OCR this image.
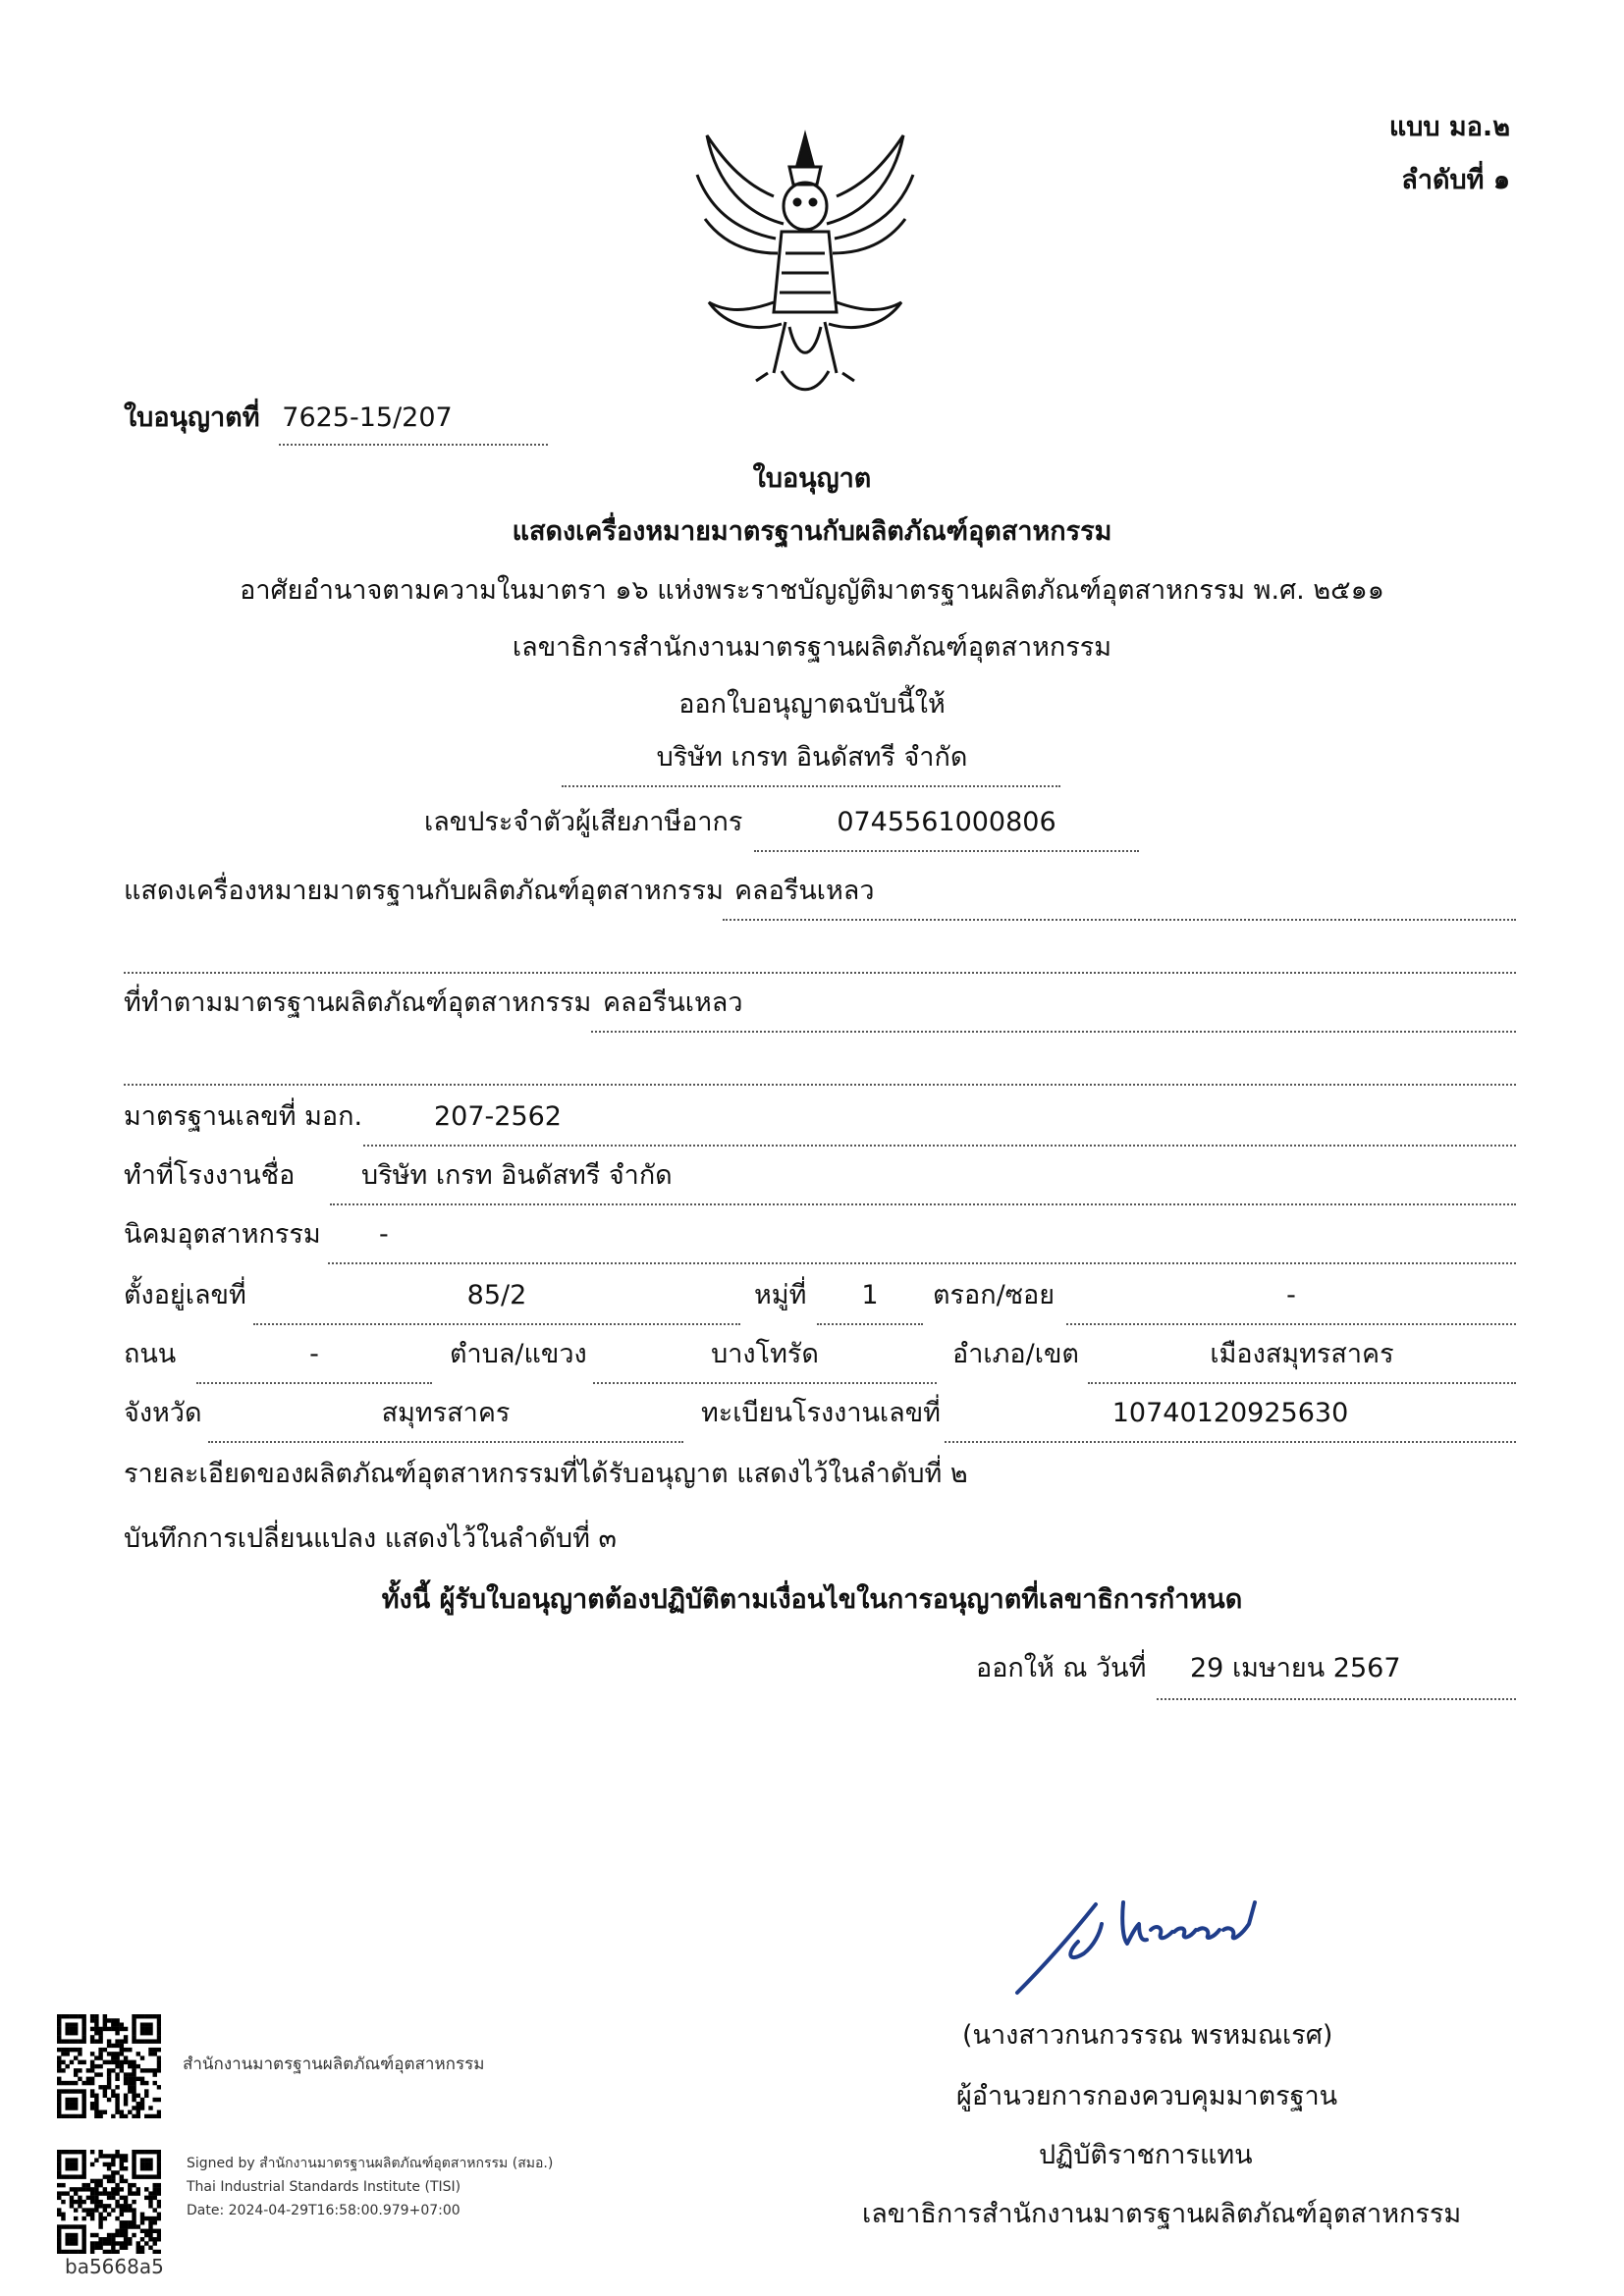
แบบ มอ.๒
ลำดับที่ ๑
ใบอนุญาตที่ 7625-15/207
ใบอนุญาต
แสดงเครื่องหมายมาตรฐานกับผลิตภัณฑ์อุตสาหกรรม
อาศัยอำนาจตามความในมาตรา ๑๖ แห่งพระราชบัญญัติมาตรฐานผลิตภัณฑ์อุตสาหกรรม พ.ศ. ๒๕๑๑
เลขาธิการสำนักงานมาตรฐานผลิตภัณฑ์อุตสาหกรรม
ออกใบอนุญาตฉบับนี้ให้
บริษัท เกรท อินดัสทรี จำกัด
เลขประจำตัวผู้เสียภาษีอากร	0745561000806
แสดงเครื่องหมายมาตรฐานกับผลิตภัณฑ์อุตสาหกรรม คลอรีนเหลว
ที่ทำตามมาตรฐานผลิตภัณฑ์อุตสาหกรรม คลอรีนเหลว
มาตรฐานเลขที่ มอก.	207-2562
ทำที่โรงงานชื่อ	บริษัท เกรท อินดัสทรี จำกัด
นิคมอุตสาหกรรม -
ตั้งอยู่เลขที่	85/2	หมู่ที่	1	ตรอก/ซอย	-
ถนน	-	ตำบล/แขวง	บางโทรัด	อำเภอ/เขต	เมืองสมุทรสาคร
จังหวัด	สมุทรสาคร	ทะเบียนโรงงานเลขที่	10740120925630
รายละเอียดของผลิตภัณฑ์อุตสาหกรรมที่ได้รับอนุญาต แสดงไว้ในลำดับที่ ๒
บันทึกการเปลี่ยนแปลง แสดงไว้ในลำดับที่ ๓
ทั้งนี้ ผู้รับใบอนุญาตต้องปฏิบัติตามเงื่อนไขในการอนุญาตที่เลขาธิการกำหนด
ออกให้ ณ วันที่ 29 เมษายน 2567
(นางสาวกนกวรรณ พรหมณเรศ)
ผู้อำนวยการกองควบคุมมาตรฐาน
ปฏิบัติราชการแทน
เลขาธิการสำนักงานมาตรฐานผลิตภัณฑ์อุตสาหกรรม
สำนักงานมาตรฐานผลิตภัณฑ์อุตสาหกรรม
Signed by สำนักงานมาตรฐานผลิตภัณฑ์อุตสาหกรรม (สมอ.)
Thai Industrial Standards Institute (TISI)
Date: 2024-04-29T16:58:00.979+07:00
ba5668a5
